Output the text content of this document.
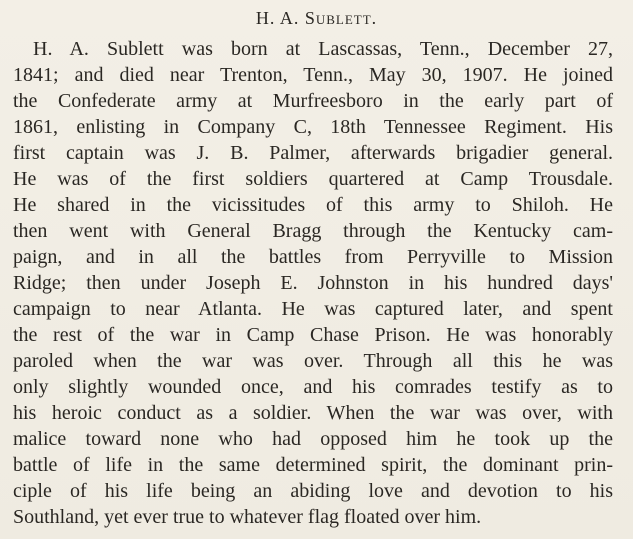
H. A. Sublett.
H. A. Sublett was born at Lascassas, Tenn., December 27,
1841; and died near Trenton, Tenn., May 30, 1907. He joined
the Confederate army at Murfreesboro in the early part of
1861, enlisting in Company C, 18th Tennessee Regiment. His
first captain was J. B. Palmer, afterwards brigadier general.
He was of the first soldiers quartered at Camp Trousdale.
He shared in the vicissitudes of this army to Shiloh. He
then went with General Bragg through the Kentucky cam-
paign, and in all the battles from Perryville to Mission
Ridge; then under Joseph E. Johnston in his hundred days'
campaign to near Atlanta. He was captured later, and spent
the rest of the war in Camp Chase Prison. He was honorably
paroled when the war was over. Through all this he was
only slightly wounded once, and his comrades testify as to
his heroic conduct as a soldier. When the war was over, with
malice toward none who had opposed him he took up the
battle of life in the same determined spirit, the dominant prin-
ciple of his life being an abiding love and devotion to his
Southland, yet ever true to whatever flag floated over him.
